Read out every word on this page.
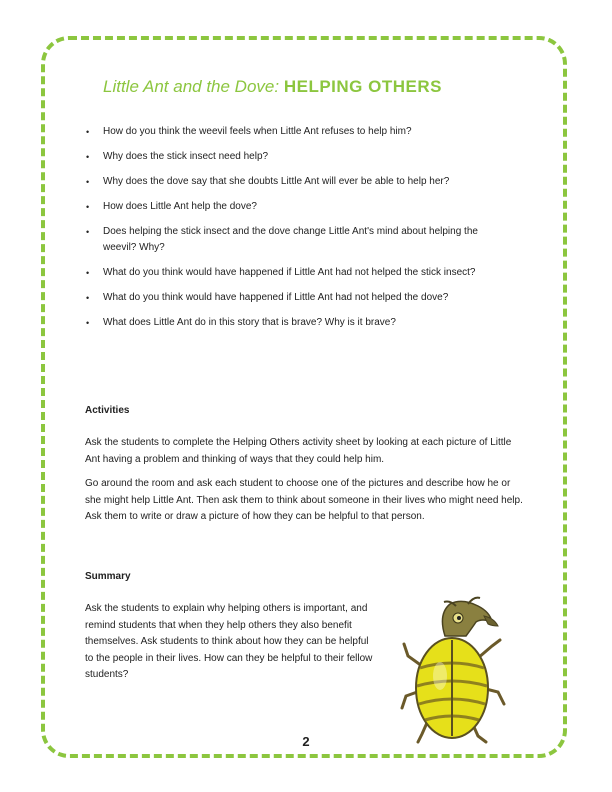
Little Ant and the Dove: HELPING OTHERS
• How do you think the weevil feels when Little Ant refuses to help him?
• Why does the stick insect need help?
• Why does the dove say that she doubts Little Ant will ever be able to help her?
• How does Little Ant help the dove?
• Does helping the stick insect and the dove change Little Ant's mind about helping the weevil? Why?
• What do you think would have happened if Little Ant had not helped the stick insect?
• What do you think would have happened if Little Ant had not helped the dove?
• What does Little Ant do in this story that is brave? Why is it brave?
Activities

Ask the students to complete the Helping Others activity sheet by looking at each picture of Little Ant having a problem and thinking of ways that they could help him.

Go around the room and ask each student to choose one of the pictures and describe how he or she might help Little Ant. Then ask them to think about someone in their lives who might need help. Ask them to write or draw a picture of how they can be helpful to that person.

Summary

Ask the students to explain why helping others is important, and remind students that when they help others they also benefit themselves. Ask students to think about how they can be helpful to the people in their lives. How can they be helpful to their fellow students?

2
